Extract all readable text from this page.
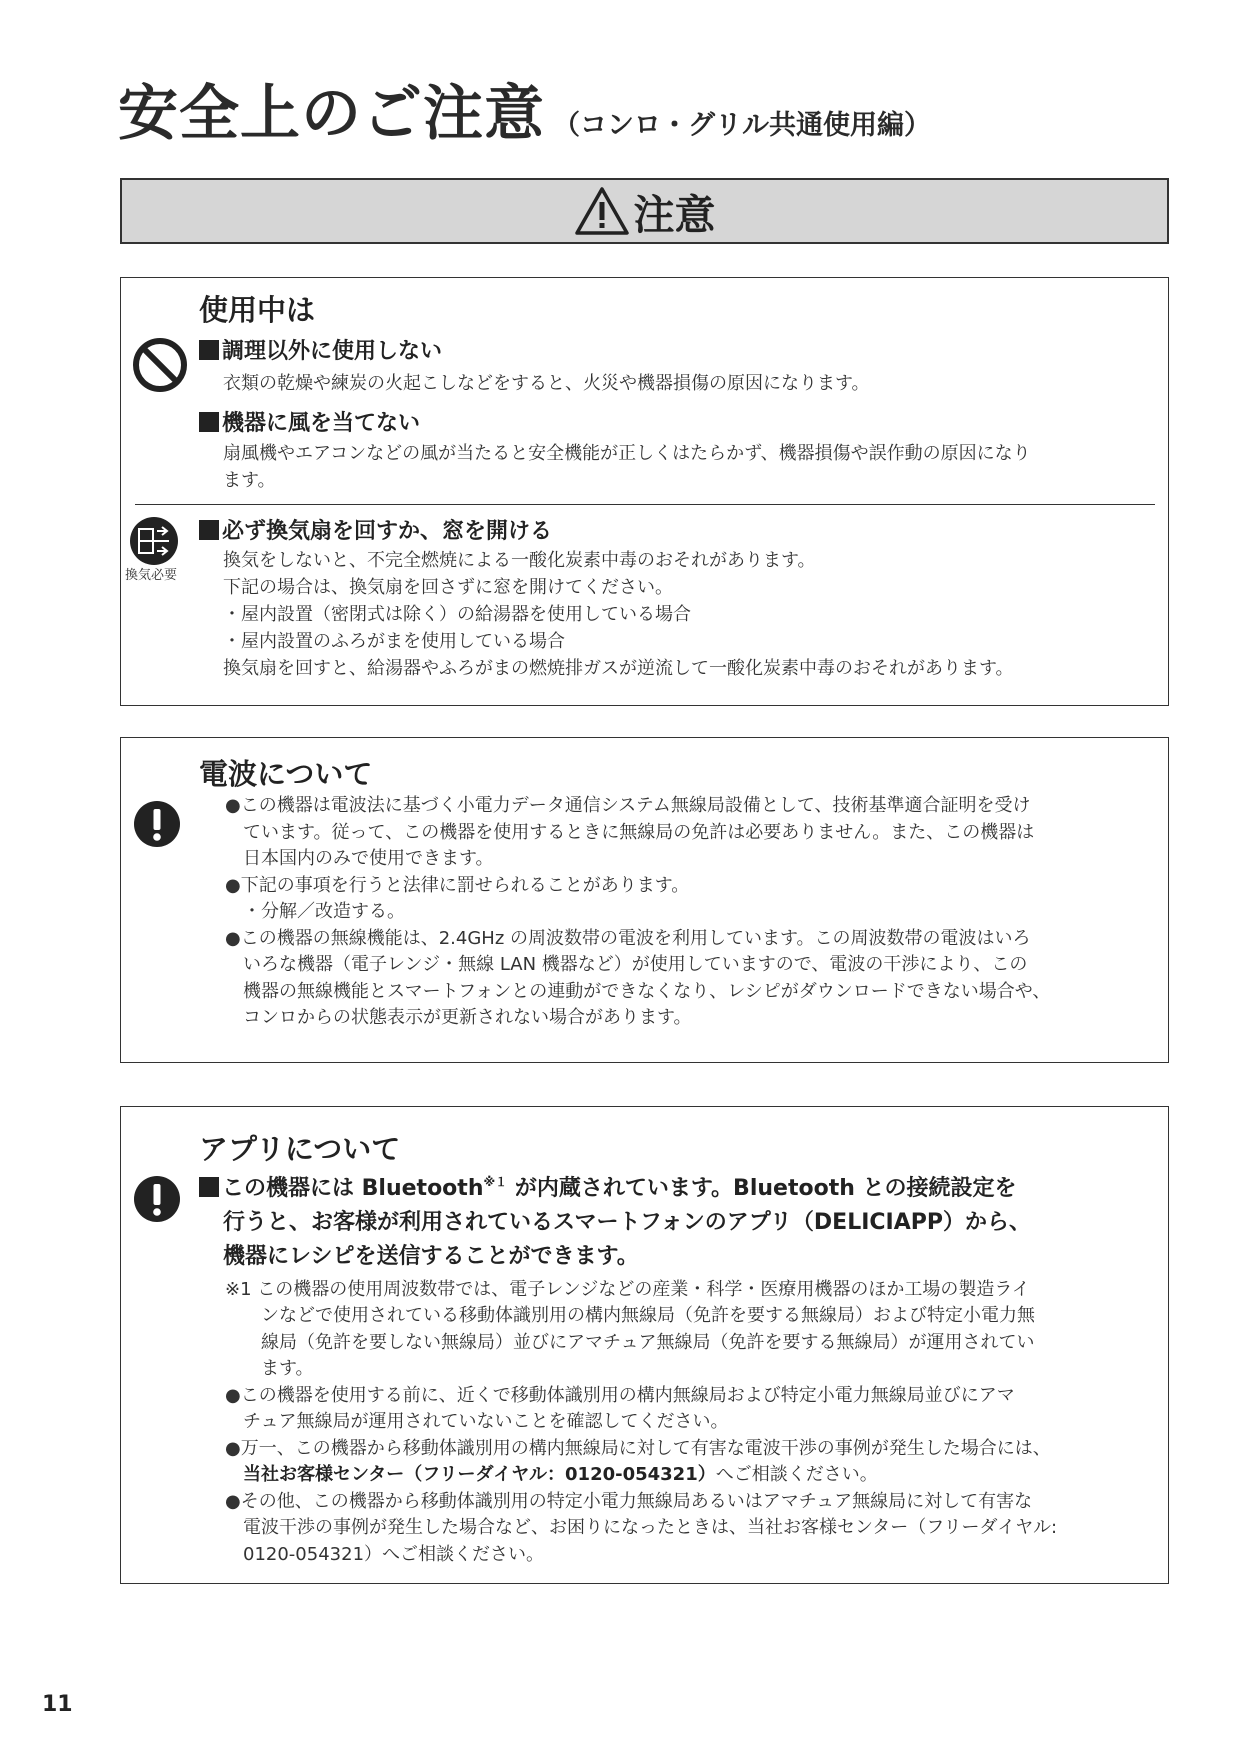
安全上のご注意 （コンロ・グリル共通使用編）
注意
使用中は
調理以外に使用しない
衣類の乾燥や練炭の火起こしなどをすると、火災や機器損傷の原因になります。
機器に風を当てない
扇風機やエアコンなどの風が当たると安全機能が正しくはたらかず、機器損傷や誤作動の原因になり
ます。
換気必要
必ず換気扇を回すか、窓を開ける
換気をしないと、不完全燃焼による一酸化炭素中毒のおそれがあります。
下記の場合は、換気扇を回さずに窓を開けてください。
・屋内設置（密閉式は除く）の給湯器を使用している場合
・屋内設置のふろがまを使用している場合
換気扇を回すと、給湯器やふろがまの燃焼排ガスが逆流して一酸化炭素中毒のおそれがあります。
電波について
●この機器は電波法に基づく小電力データ通信システム無線局設備として、技術基準適合証明を受け
　ています。従って、この機器を使用するときに無線局の免許は必要ありません。また、この機器は
　日本国内のみで使用できます。
●下記の事項を行うと法律に罰せられることがあります。
　・分解／改造する。
●この機器の無線機能は、2.4GHz の周波数帯の電波を利用しています。この周波数帯の電波はいろ
　いろな機器（電子レンジ・無線 LAN 機器など）が使用していますので、電波の干渉により、この
　機器の無線機能とスマートフォンとの連動ができなくなり、レシピがダウンロードできない場合や、
　コンロからの状態表示が更新されない場合があります。
アプリについて
この機器には Bluetooth$^{※1}$ が内蔵されています。Bluetooth との接続設定を
行うと、お客様が利用されているスマートフォンのアプリ（DELICIAPP）から、
機器にレシピを送信することができます。
※1 この機器の使用周波数帯では、電子レンジなどの産業・科学・医療用機器のほか工場の製造ライ
　　ンなどで使用されている移動体識別用の構内無線局（免許を要する無線局）および特定小電力無
　　線局（免許を要しない無線局）並びにアマチュア無線局（免許を要する無線局）が運用されてい
　　ます。
●この機器を使用する前に、近くで移動体識別用の構内無線局および特定小電力無線局並びにアマ
　チュア無線局が運用されていないことを確認してください。
●万一、この機器から移動体識別用の構内無線局に対して有害な電波干渉の事例が発生した場合には、
当社お客様センター（フリーダイヤル：0120-054321）へご相談ください。
●その他、この機器から移動体識別用の特定小電力無線局あるいはアマチュア無線局に対して有害な
　電波干渉の事例が発生した場合など、お困りになったときは、当社お客様センター（フリーダイヤル:
　0120-054321）へご相談ください。
11
